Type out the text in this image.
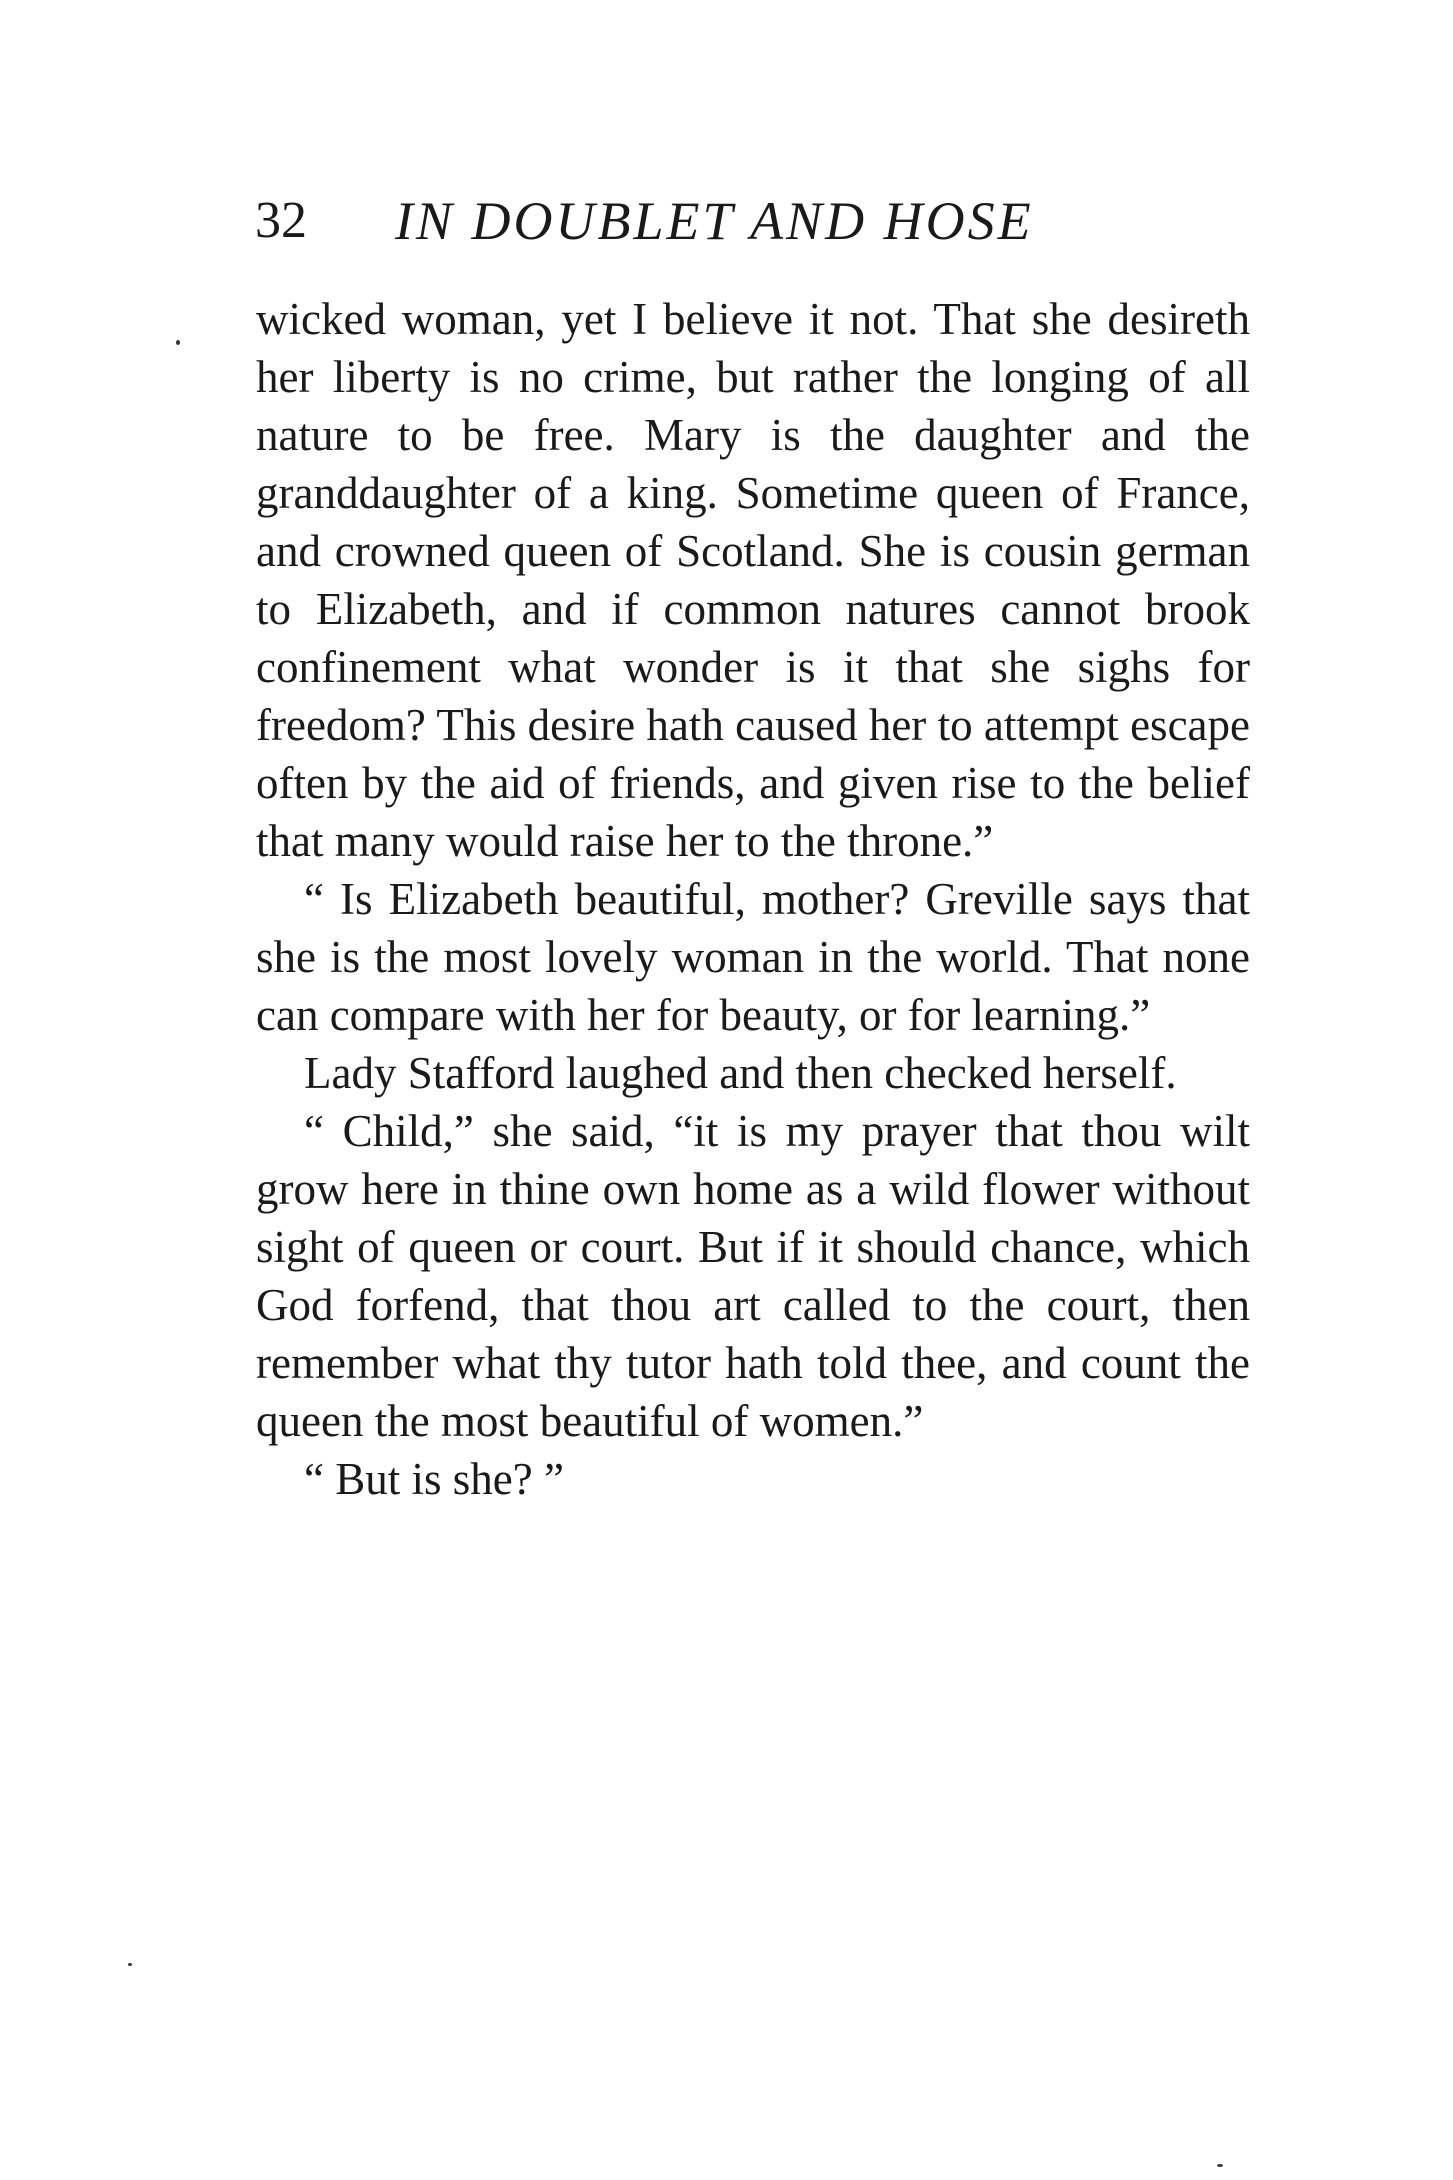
32 IN DOUBLET AND HOSE

wicked woman, yet I believe it not. That she desireth her liberty is no crime, but rather the longing of all nature to be free. Mary is the daughter and the granddaughter of a king. Sometime queen of France, and crowned queen of Scotland. She is cousin german to Elizabeth, and if common natures cannot brook confinement what wonder is it that she sighs for freedom? This desire hath caused her to attempt escape often by the aid of friends, and given rise to the belief that many would raise her to the throne.”

“ Is Elizabeth beautiful, mother? Greville says that she is the most lovely woman in the world. That none can compare with her for beauty, or for learning.”

Lady Stafford laughed and then checked herself.

“ Child,” she said, “it is my prayer that thou wilt grow here in thine own home as a wild flower without sight of queen or court. But if it should chance, which God forfend, that thou art called to the court, then remember what thy tutor hath told thee, and count the queen the most beautiful of women.”

“ But is she? ”
